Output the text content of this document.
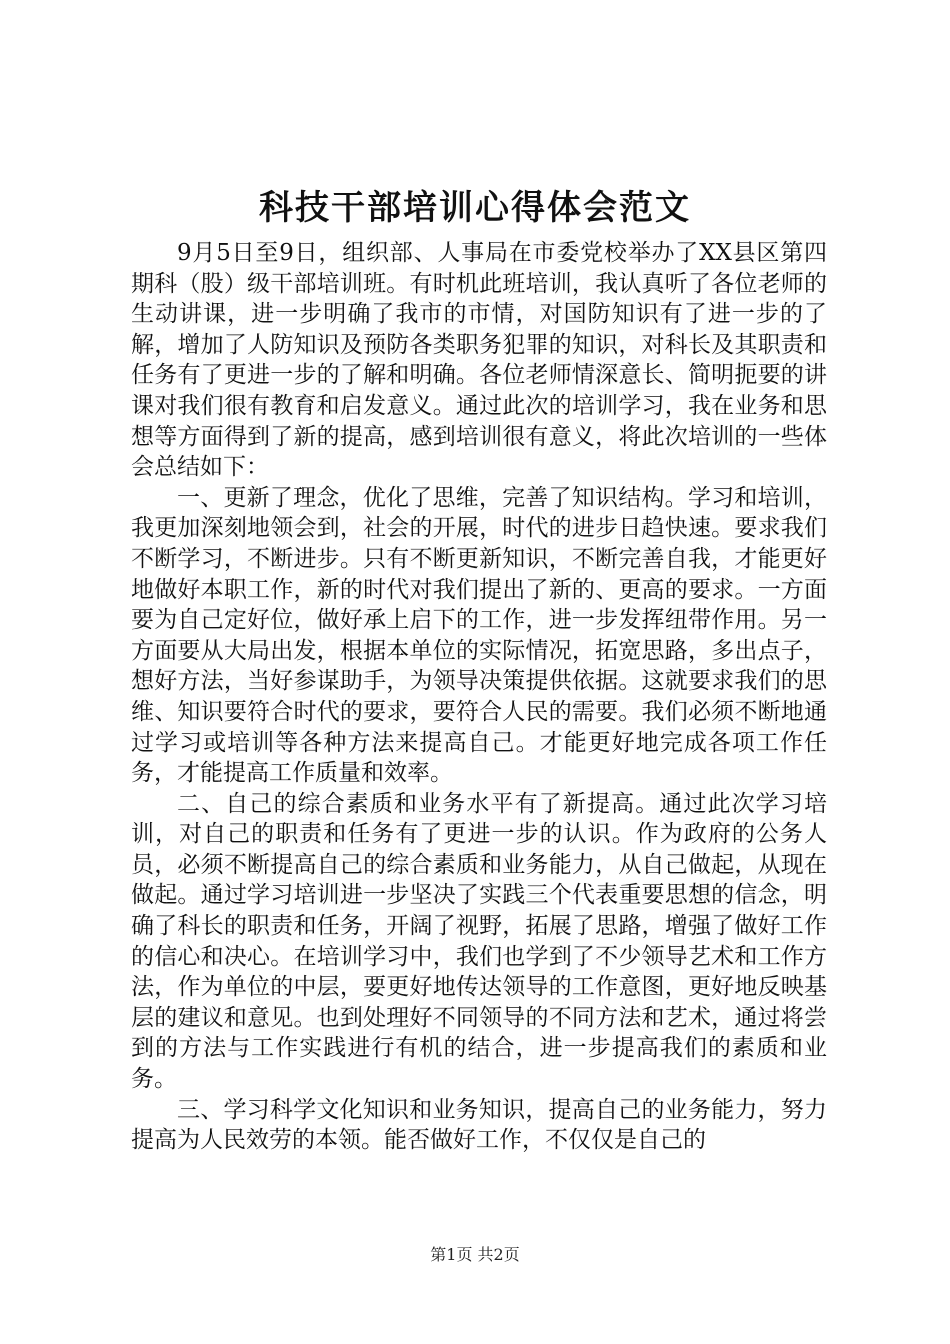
科技干部培训心得体会范文

9月5日至9日，组织部、人事局在市委党校举办了XX县区第四期科（股）级干部培训班。有时机此班培训，我认真听了各位老师的生动讲课，进一步明确了我市的市情，对国防知识有了进一步的了解，增加了人防知识及预防各类职务犯罪的知识，对科长及其职责和任务有了更进一步的了解和明确。各位老师情深意长、简明扼要的讲课对我们很有教育和启发意义。通过此次的培训学习，我在业务和思想等方面得到了新的提高，感到培训很有意义，将此次培训的一些体会总结如下：

一、更新了理念，优化了思维，完善了知识结构。学习和培训，我更加深刻地领会到，社会的开展，时代的进步日趋快速。要求我们不断学习，不断进步。只有不断更新知识，不断完善自我，才能更好地做好本职工作，新的时代对我们提出了新的、更高的要求。一方面要为自己定好位，做好承上启下的工作，进一步发挥纽带作用。另一方面要从大局出发，根据本单位的实际情况，拓宽思路，多出点子，想好方法，当好参谋助手，为领导决策提供依据。这就要求我们的思维、知识要符合时代的要求，要符合人民的需要。我们必须不断地通过学习或培训等各种方法来提高自己。才能更好地完成各项工作任务，才能提高工作质量和效率。

二、自己的综合素质和业务水平有了新提高。通过此次学习培训，对自己的职责和任务有了更进一步的认识。作为政府的公务人员，必须不断提高自己的综合素质和业务能力，从自己做起，从现在做起。通过学习培训进一步坚决了实践三个代表重要思想的信念，明确了科长的职责和任务，开阔了视野，拓展了思路，增强了做好工作的信心和决心。在培训学习中，我们也学到了不少领导艺术和工作方法，作为单位的中层，要更好地传达领导的工作意图，更好地反映基层的建议和意见。也到处理好不同领导的不同方法和艺术，通过将尝到的方法与工作实践进行有机的结合，进一步提高我们的素质和业务。

三、学习科学文化知识和业务知识，提高自己的业务能力，努力提高为人民效劳的本领。能否做好工作，不仅仅是自己的

第1页 共2页
